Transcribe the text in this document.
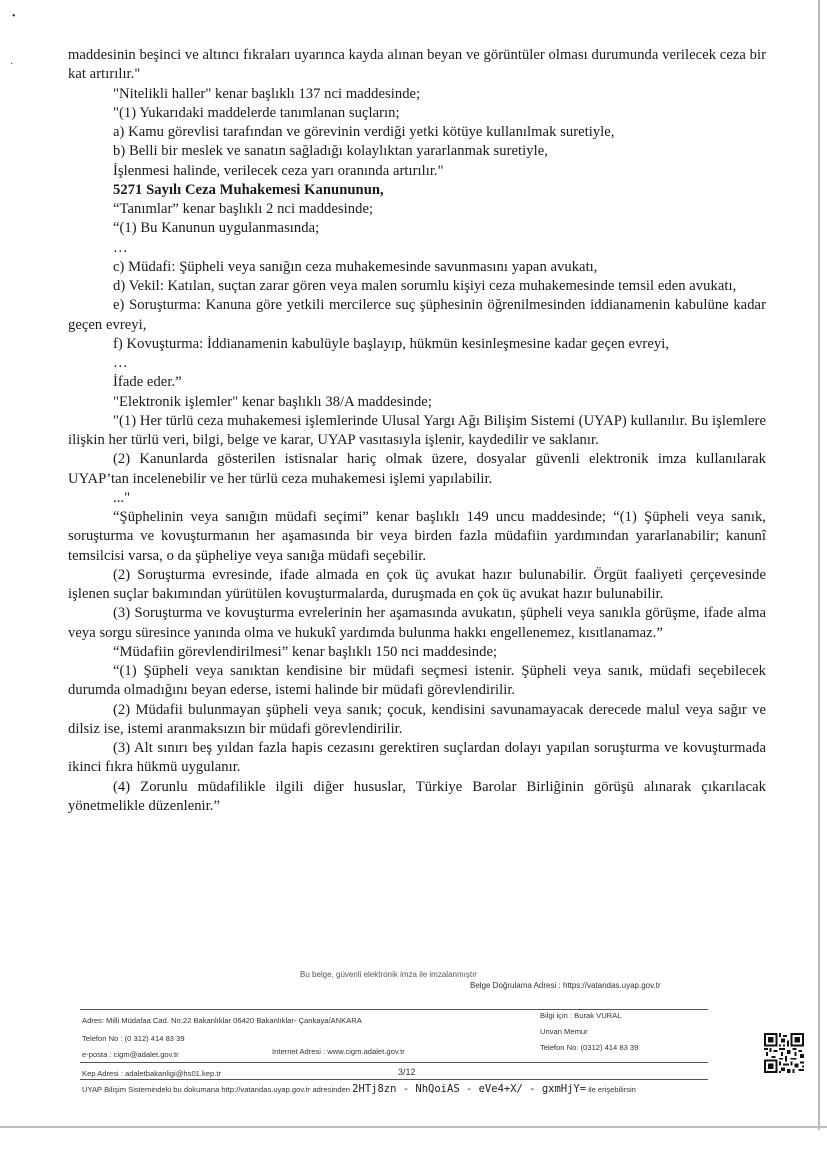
•
·

maddesinin beşinci ve altıncı fıkraları uyarınca kayda alınan beyan ve görüntüler olması durumunda verilecek ceza bir kat artırılır."

"Nitelikli haller" kenar başlıklı 137 nci maddesinde;

"(1) Yukarıdaki maddelerde tanımlanan suçların;

a) Kamu görevlisi tarafından ve görevinin verdiği yetki kötüye kullanılmak suretiyle,

b) Belli bir meslek ve sanatın sağladığı kolaylıktan yararlanmak suretiyle,

İşlenmesi halinde, verilecek ceza yarı oranında artırılır."

5271 Sayılı Ceza Muhakemesi Kanununun,

“Tanımlar” kenar başlıklı 2 nci maddesinde;

“(1) Bu Kanunun uygulanmasında;

…

c) Müdafi: Şüpheli veya sanığın ceza muhakemesinde savunmasını yapan avukatı,

d) Vekil: Katılan, suçtan zarar gören veya malen sorumlu kişiyi ceza muhakemesinde temsil eden avukatı,

e) Soruşturma: Kanuna göre yetkili mercilerce suç şüphesinin öğrenilmesinden iddianamenin kabulüne kadar geçen evreyi,

f) Kovuşturma: İddianamenin kabulüyle başlayıp, hükmün kesinleşmesine kadar geçen evreyi,

…

İfade eder.”

"Elektronik işlemler" kenar başlıklı 38/A maddesinde;

"(1) Her türlü ceza muhakemesi işlemlerinde Ulusal Yargı Ağı Bilişim Sistemi (UYAP) kullanılır. Bu işlemlere ilişkin her türlü veri, bilgi, belge ve karar, UYAP vasıtasıyla işlenir, kaydedilir ve saklanır.

(2) Kanunlarda gösterilen istisnalar hariç olmak üzere, dosyalar güvenli elektronik imza kullanılarak UYAP’tan incelenebilir ve her türlü ceza muhakemesi işlemi yapılabilir.

..."

“Şüphelinin veya sanığın müdafi seçimi” kenar başlıklı 149 uncu maddesinde; “(1) Şüpheli veya sanık, soruşturma ve kovuşturmanın her aşamasında bir veya birden fazla müdafiin yardımından yararlanabilir; kanunî temsilcisi varsa, o da şüpheliye veya sanığa müdafi seçebilir.

(2) Soruşturma evresinde, ifade almada en çok üç avukat hazır bulunabilir. Örgüt faaliyeti çerçevesinde işlenen suçlar bakımından yürütülen kovuşturmalarda, duruşmada en çok üç avukat hazır bulunabilir.

(3) Soruşturma ve kovuşturma evrelerinin her aşamasında avukatın, şüpheli veya sanıkla görüşme, ifade alma veya sorgu süresince yanında olma ve hukukî yardımda bulunma hakkı engellenemez, kısıtlanamaz.”

“Müdafiin görevlendirilmesi” kenar başlıklı 150 nci maddesinde;

“(1) Şüpheli veya sanıktan kendisine bir müdafi seçmesi istenir. Şüpheli veya sanık, müdafi seçebilecek durumda olmadığını beyan ederse, istemi halinde bir müdafi görevlendirilir.

(2) Müdafii bulunmayan şüpheli veya sanık; çocuk, kendisini savunamayacak derecede malul veya sağır ve dilsiz ise, istemi aranmaksızın bir müdafi görevlendirilir.

(3) Alt sınırı beş yıldan fazla hapis cezasını gerektiren suçlardan dolayı yapılan soruşturma ve kovuşturmada ikinci fıkra hükmü uygulanır.

(4) Zorunlu müdafilikle ilgili diğer hususlar, Türkiye Barolar Birliğinin görüşü alınarak çıkarılacak yönetmelikle düzenlenir.”

Bu belge, güvenli elektronik imza ile imzalanmıştır
Belge Doğrulama Adresi : https://vatandas.uyap.gov.tr
Adres: Milli Müdafaa Cad. No:22 Bakanlıklar 06420 Bakanlıklar- Çankaya/ANKARA
Telefon No : (0 312) 414 83 39
e-posta : cigm@adalet.gov.tr	Internet Adresi : www.cigm.adalet.gov.tr
Bilgi için : Burak VURAL
Unvan Memur
Telefon No: (0312) 414 83 39
Kep Adresi : adaletbakanligi@hs01.kep.tr	3/12
UYAP Bilişim Sistemindeki bu dokumana http://vatandas.uyap.gov.tr adresinden 2HTj8zn - NhQoiAS - eVe4+X/ - gxmHjY= ile erişebilirsin
